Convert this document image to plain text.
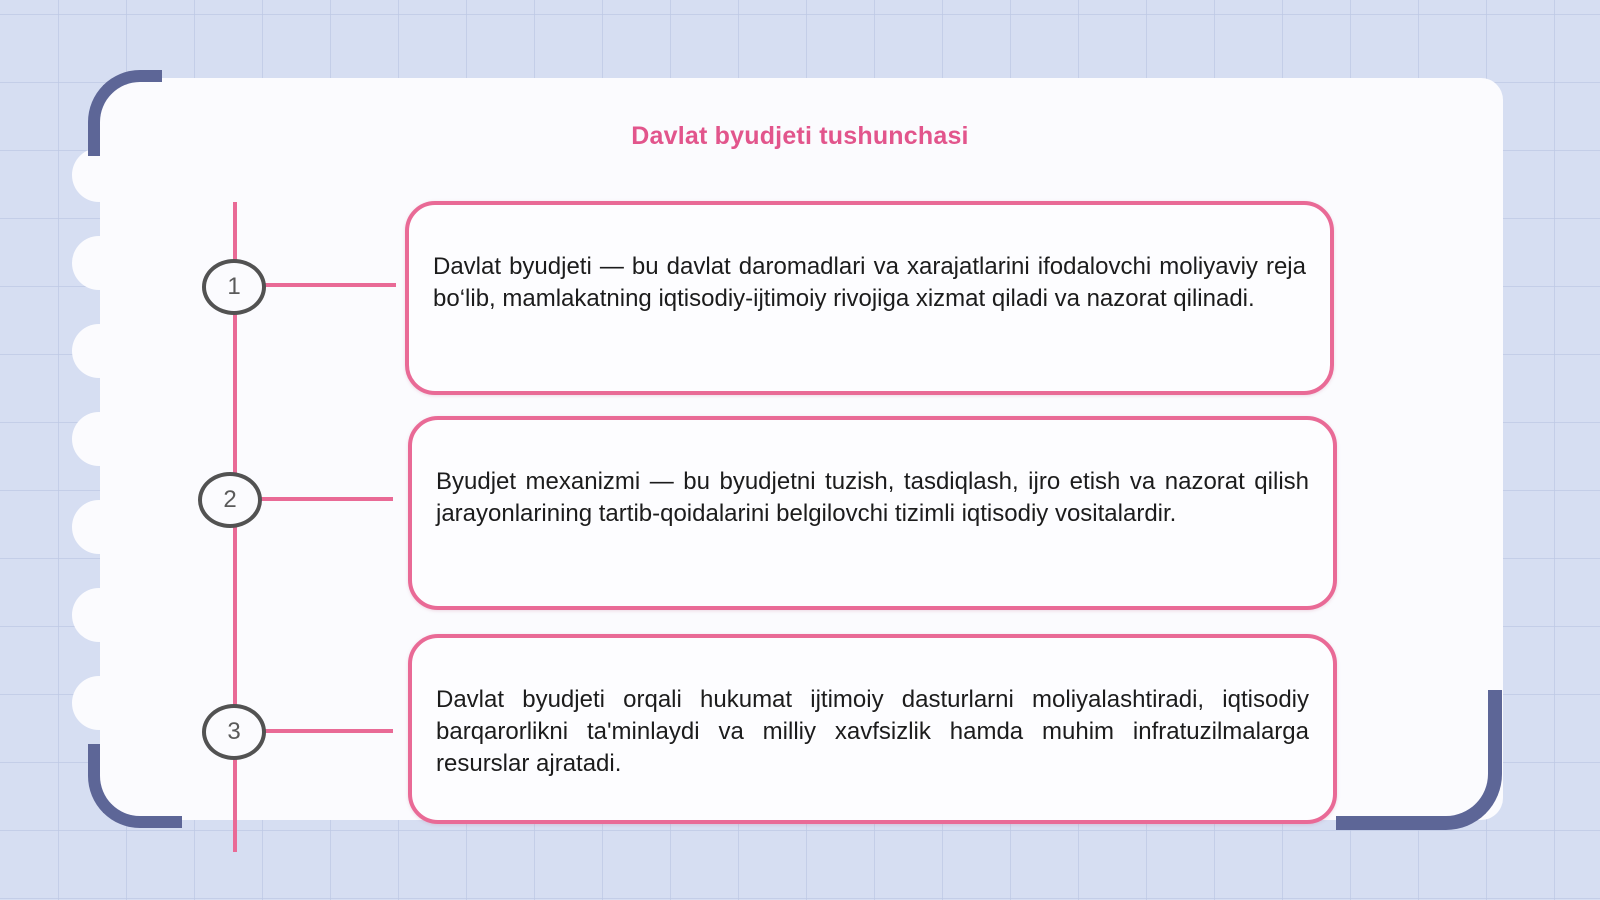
Davlat byudjeti tushunchasi
1
Davlat byudjeti — bu davlat daromadlari va xarajatlarini ifodalovchi moliyaviy reja bo‘lib, mamlakatning iqtisodiy-ijtimoiy rivojiga xizmat qiladi va nazorat qilinadi.
2
Byudjet mexanizmi — bu byudjetni tuzish, tasdiqlash, ijro etish va nazorat qilish jarayonlarining tartib-qoidalarini belgilovchi tizimli iqtisodiy vositalardir.
3
Davlat byudjeti orqali hukumat ijtimoiy dasturlarni moliyalashtiradi, iqtisodiy barqarorlikni ta'minlaydi va milliy xavfsizlik hamda muhim infratuzilmalarga resurslar ajratadi.
